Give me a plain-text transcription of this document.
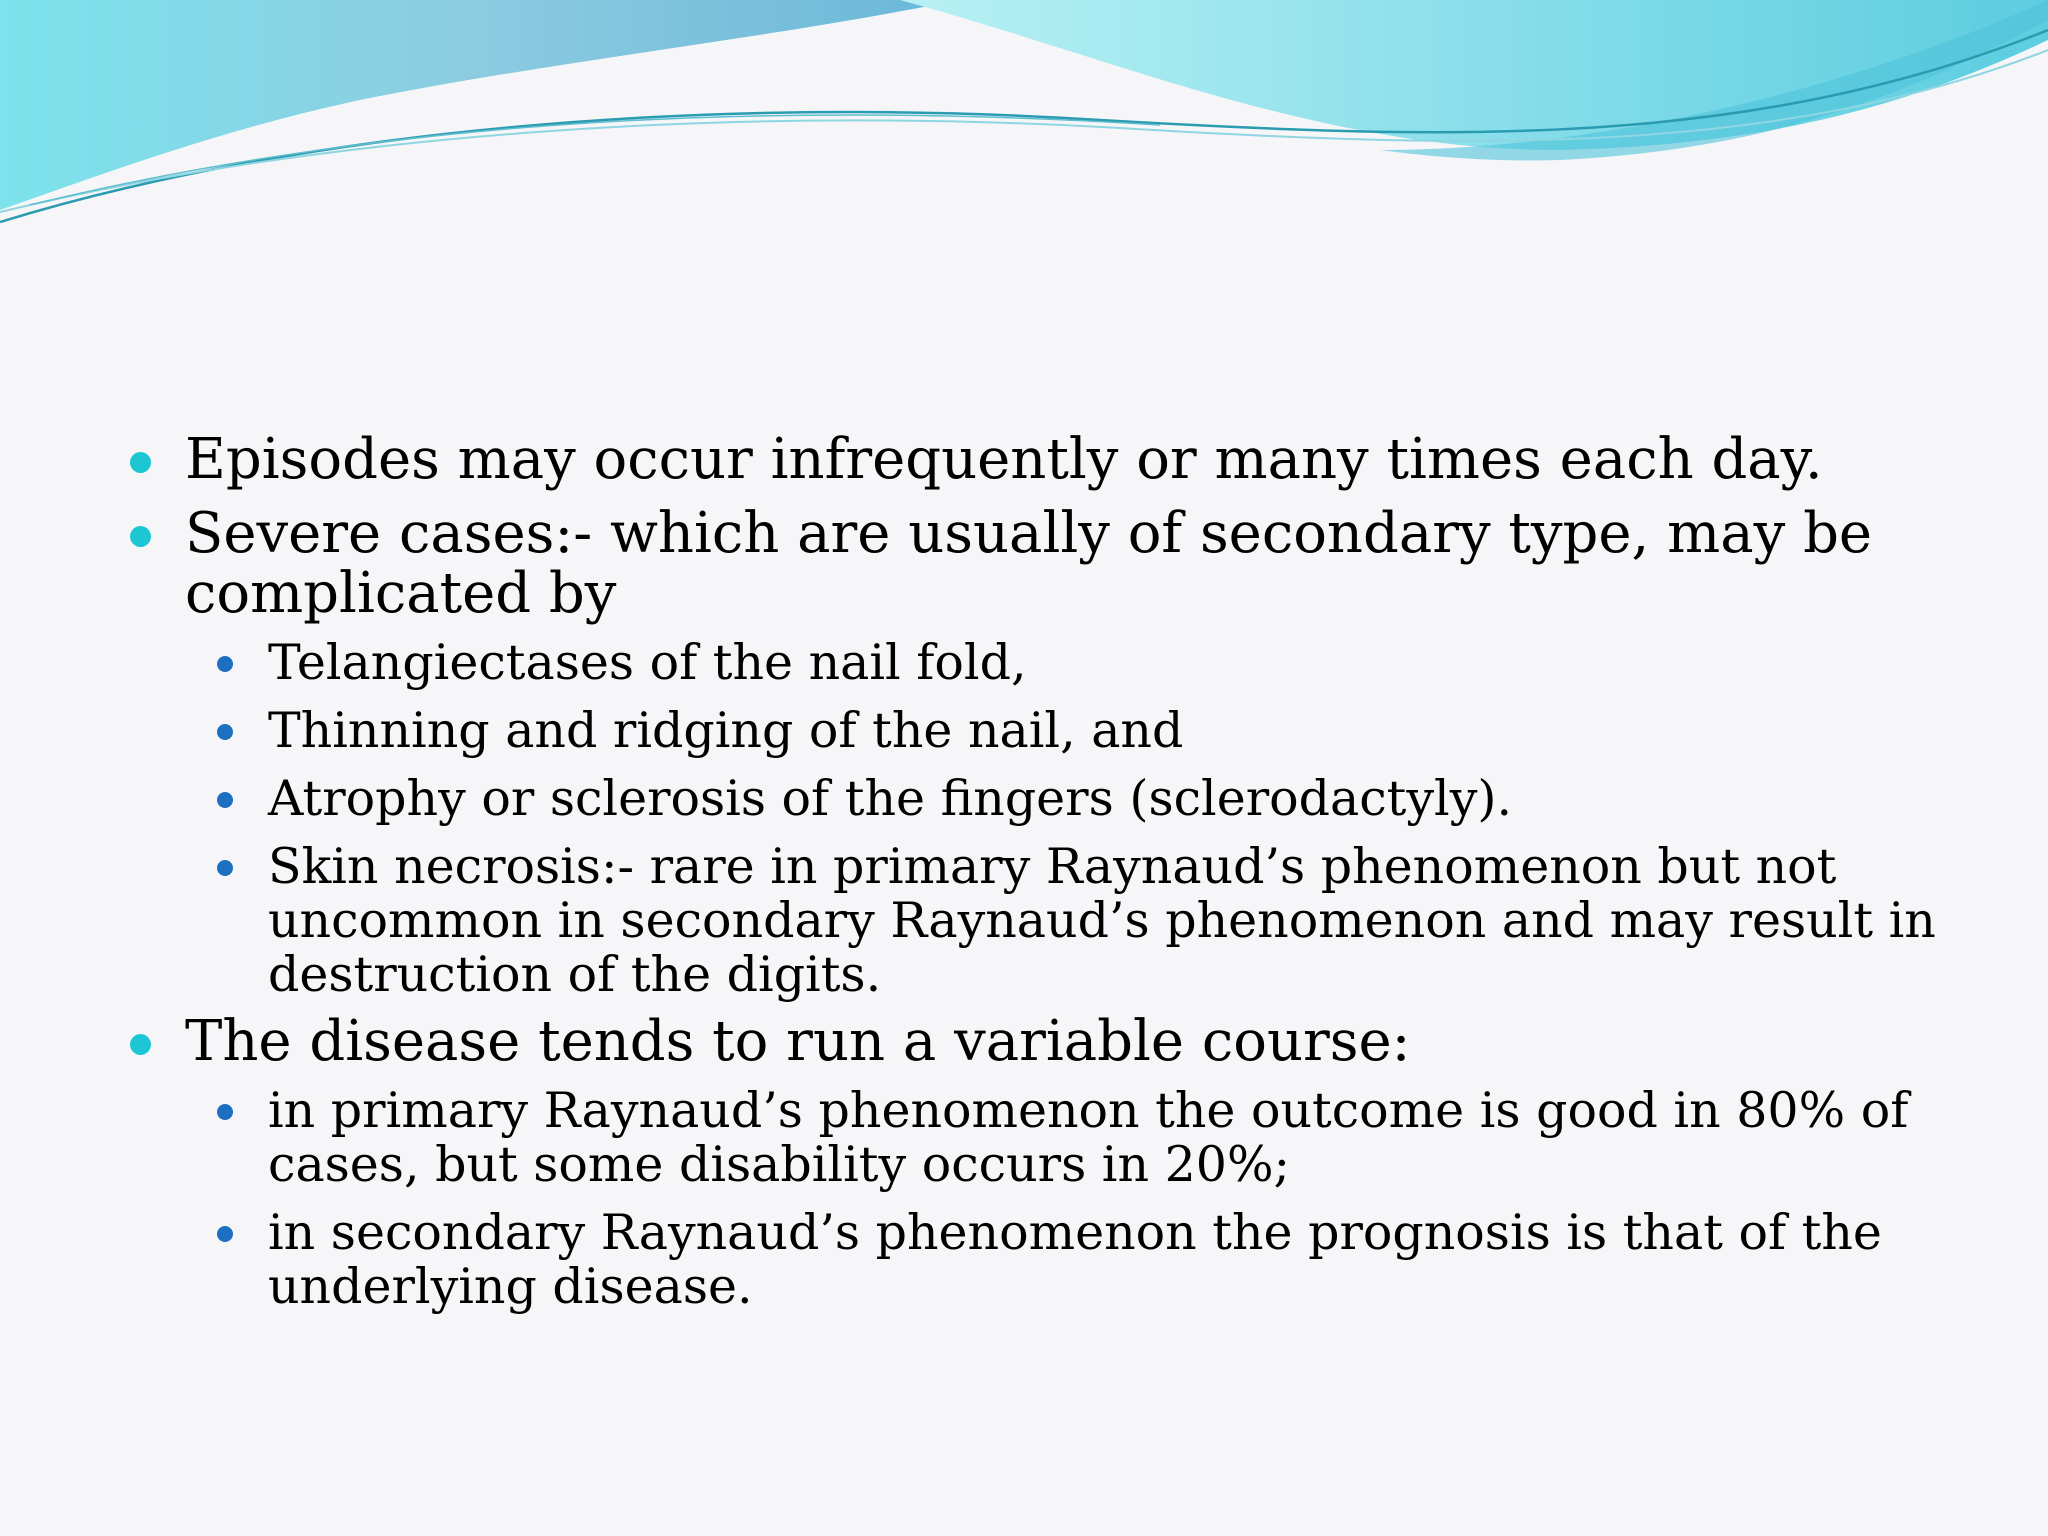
Episodes may occur infrequently or many times each day.
Severe cases:- which are usually of secondary type, may be complicated by
Telangiectases of the nail fold,
Thinning and ridging of the nail, and
Atrophy or sclerosis of the fingers (sclerodactyly).
Skin necrosis:- rare in primary Raynaud’s phenomenon but not uncommon in secondary Raynaud’s phenomenon and may result in destruction of the digits.
The disease tends to run a variable course:
in primary Raynaud’s phenomenon the outcome is good in 80% of cases, but some disability occurs in 20%;
in secondary Raynaud’s phenomenon the prognosis is that of the underlying disease.
